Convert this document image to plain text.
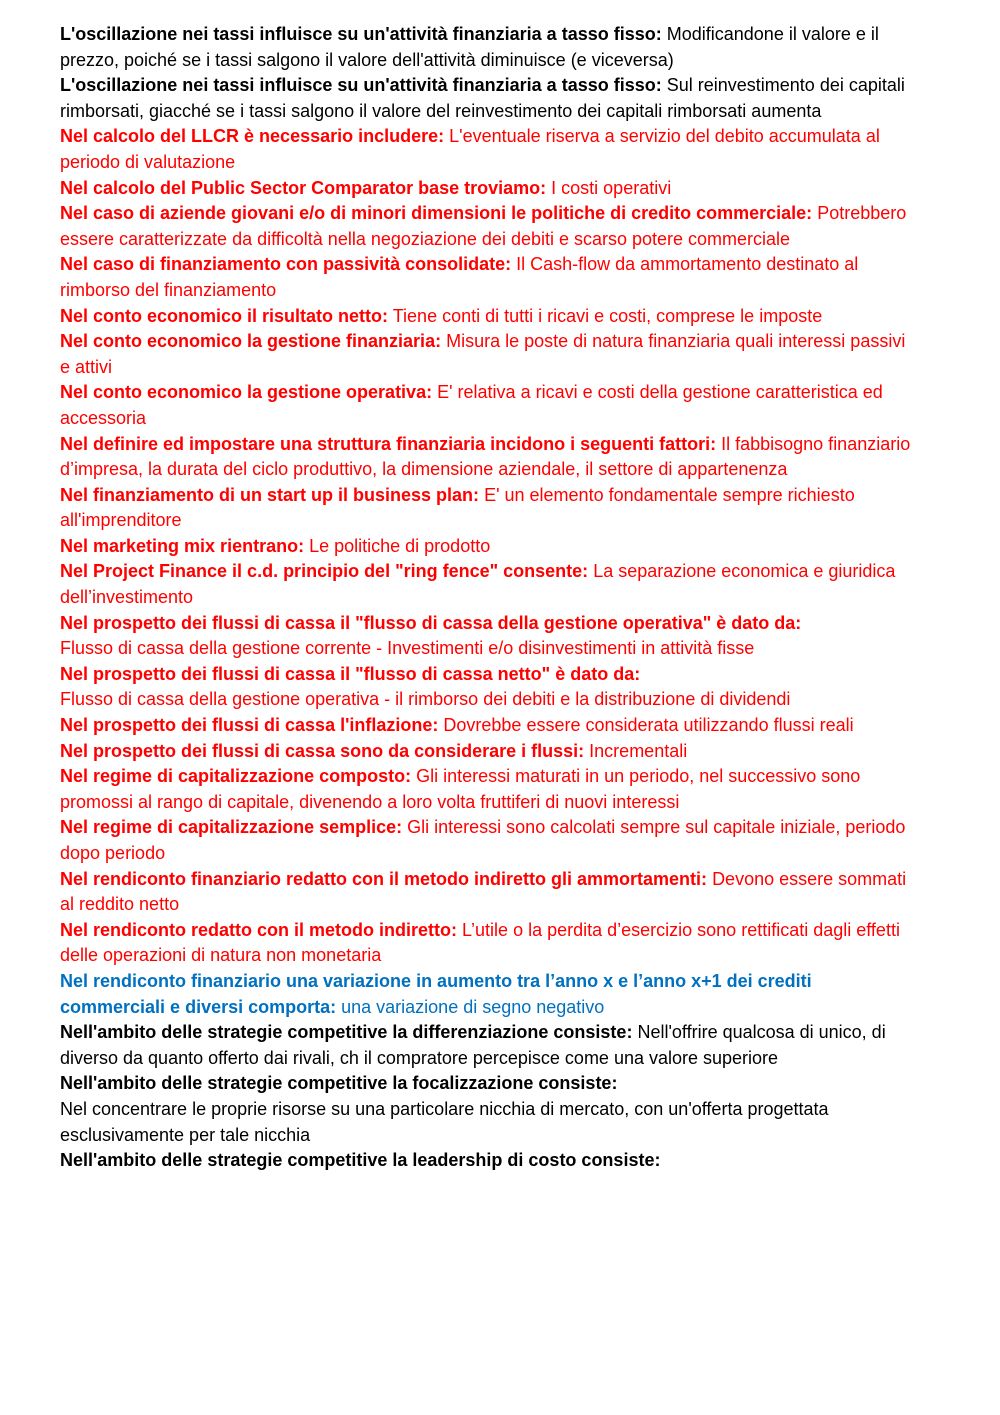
L'oscillazione nei tassi influisce su un'attività finanziaria a tasso fisso: Modificandone il valore e il prezzo, poiché se i tassi salgono il valore dell'attività diminuisce (e viceversa)

L'oscillazione nei tassi influisce su un'attività finanziaria a tasso fisso: Sul reinvestimento dei capitali rimborsati, giacché se i tassi salgono il valore del reinvestimento dei capitali rimborsati aumenta

Nel calcolo del LLCR è necessario includere: L'eventuale riserva a servizio del debito accumulata al periodo di valutazione

Nel calcolo del Public Sector Comparator base troviamo: I costi operativi

Nel caso di aziende giovani e/o di minori dimensioni le politiche di credito commerciale: Potrebbero essere caratterizzate da difficoltà nella negoziazione dei debiti e scarso potere commerciale

Nel caso di finanziamento con passività consolidate: Il Cash-flow da ammortamento destinato al rimborso del finanziamento

Nel conto economico il risultato netto: Tiene conti di tutti i ricavi e costi, comprese le imposte

Nel conto economico la gestione finanziaria: Misura le poste di natura finanziaria quali interessi passivi e attivi

Nel conto economico la gestione operativa: E' relativa a ricavi e costi della gestione caratteristica ed accessoria

Nel definire ed impostare una struttura finanziaria incidono i seguenti fattori: Il fabbisogno finanziario d’impresa, la durata del ciclo produttivo, la dimensione aziendale, il settore di appartenenza

Nel finanziamento di un start up il business plan: E' un elemento fondamentale sempre richiesto all'imprenditore

Nel marketing mix rientrano: Le politiche di prodotto

Nel Project Finance il c.d. principio del "ring fence" consente: La separazione economica e giuridica dell’investimento

Nel prospetto dei flussi di cassa il "flusso di cassa della gestione operativa" è dato da:
Flusso di cassa della gestione corrente - Investimenti e/o disinvestimenti in attività fisse

Nel prospetto dei flussi di cassa il "flusso di cassa netto" è dato da:
Flusso di cassa della gestione operativa - il rimborso dei debiti e la distribuzione di dividendi

Nel prospetto dei flussi di cassa l'inflazione: Dovrebbe essere considerata utilizzando flussi reali

Nel prospetto dei flussi di cassa sono da considerare i flussi: Incrementali

Nel regime di capitalizzazione composto: Gli interessi maturati in un periodo, nel successivo sono promossi al rango di capitale, divenendo a loro volta fruttiferi di nuovi interessi

Nel regime di capitalizzazione semplice: Gli interessi sono calcolati sempre sul capitale iniziale, periodo dopo periodo

Nel rendiconto finanziario redatto con il metodo indiretto gli ammortamenti: Devono essere sommati al reddito netto

Nel rendiconto redatto con il metodo indiretto: L’utile o la perdita d’esercizio sono rettificati dagli effetti delle operazioni di natura non monetaria

Nel rendiconto finanziario una variazione in aumento tra l’anno x e l’anno x+1 dei crediti commerciali e diversi comporta: una variazione di segno negativo

Nell'ambito delle strategie competitive la differenziazione consiste: Nell'offrire qualcosa di unico, di diverso da quanto offerto dai rivali, ch il compratore percepisce come una valore superiore

Nell'ambito delle strategie competitive la focalizzazione consiste:
Nel concentrare le proprie risorse su una particolare nicchia di mercato, con un'offerta progettata esclusivamente per tale nicchia

Nell'ambito delle strategie competitive la leadership di costo consiste:
